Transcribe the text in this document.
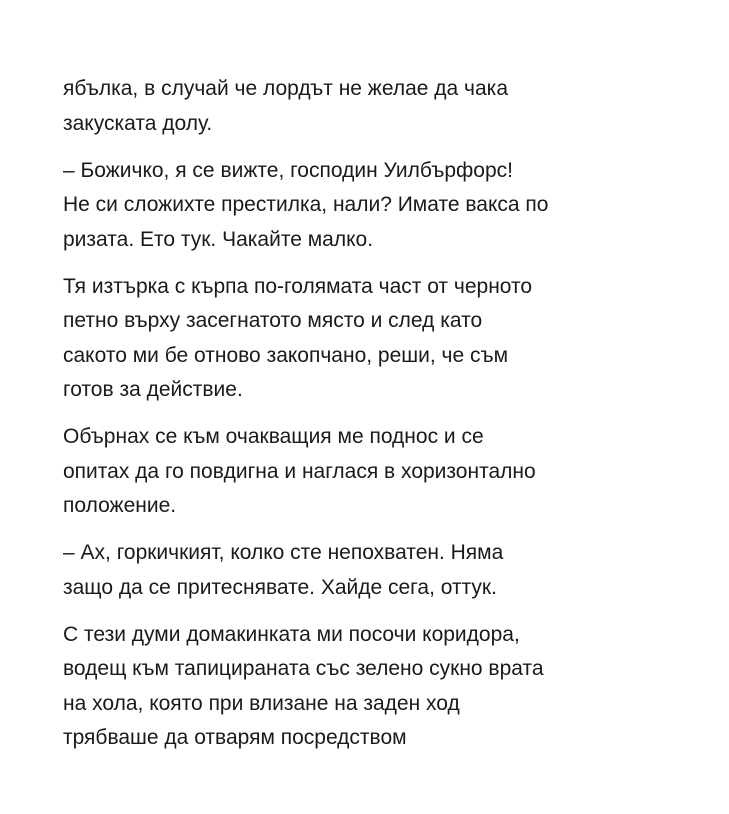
ябълка, в случай че лордът не желае да чака
закуската долу.

– Божичко, я се вижте, господин Уилбърфорс!
Не си сложихте престилка, нали? Имате вакса по
ризата. Ето тук. Чакайте малко.

Тя изтърка с кърпа по-голямата част от черното
петно върху засегнатото място и след като
сакото ми бе отново закопчано, реши, че съм
готов за действие.

Обърнах се към очакващия ме поднос и се
опитах да го повдигна и наглася в хоризонтално
положение.

– Ах, горкичкият, колко сте непохватен. Няма
защо да се притеснявате. Хайде сега, оттук.

С тези думи домакинката ми посочи коридора,
водещ към тапицираната със зелено сукно врата
на хола, която при влизане на заден ход
трябваше да отварям посредством
